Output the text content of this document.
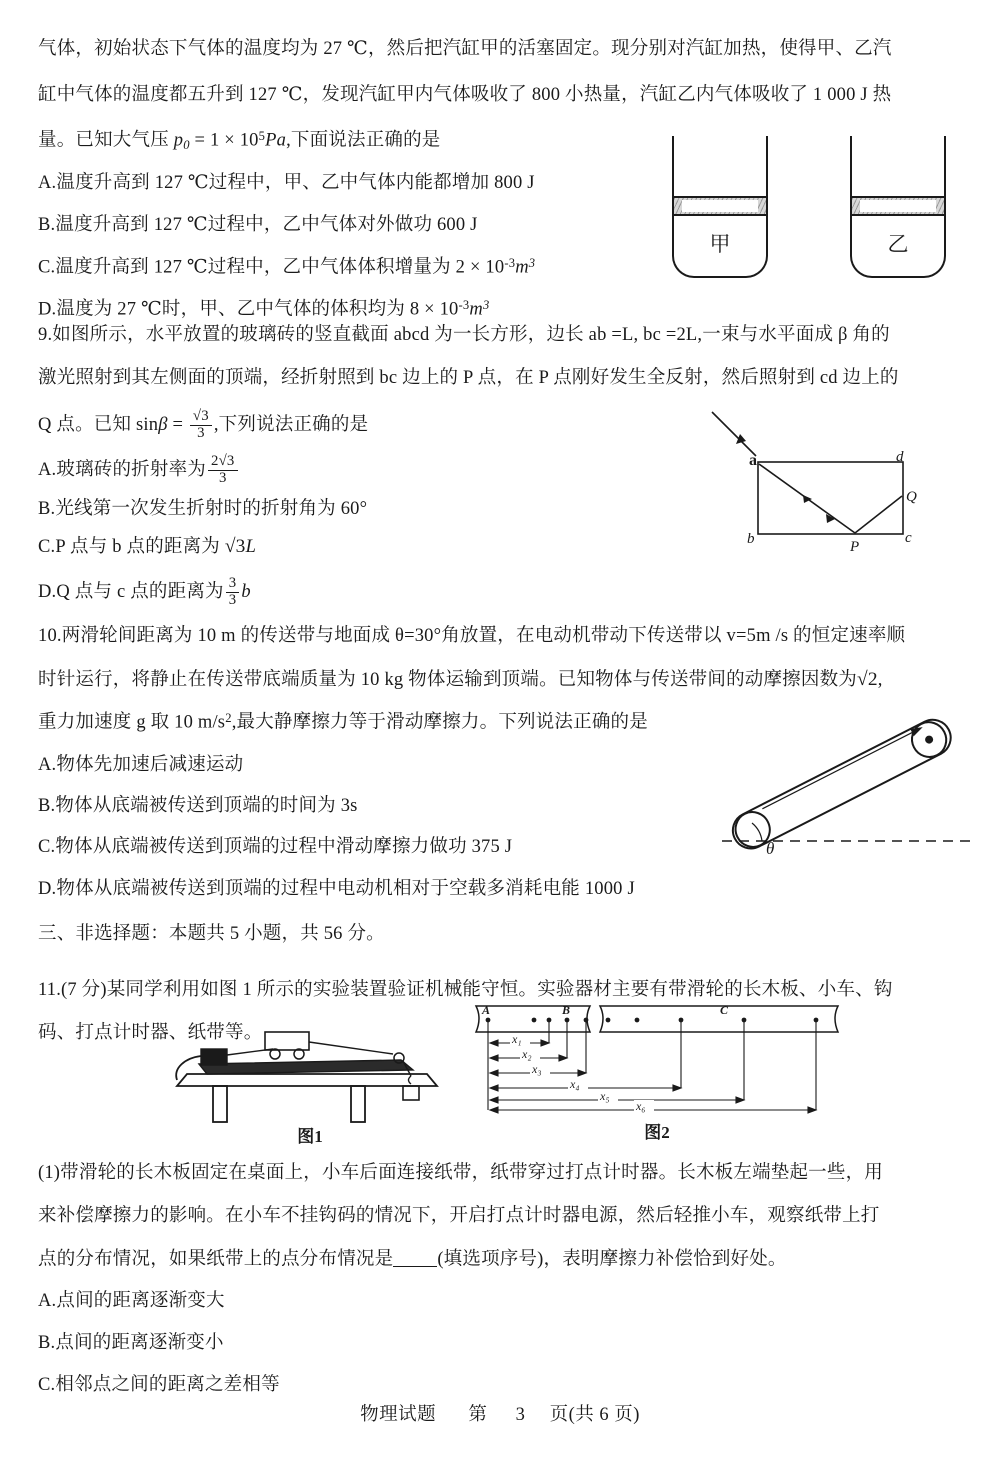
气体，初始状态下气体的温度均为 27 ℃，然后把汽缸甲的活塞固定。现分别对汽缸加热，使得甲、乙汽
缸中气体的温度都五升到 127 ℃，发现汽缸甲内气体吸收了 800 小热量，汽缸乙内气体吸收了 1 000 J 热
量。已知大气压 $p_0 = 1 \times 10^5Pa$,下面说法正确的是
A.温度升高到 127 ℃过程中，甲、乙中气体内能都增加 800 J
B.温度升高到 127 ℃过程中，乙中气体对外做功 600 J
C.温度升高到 127 ℃过程中，乙中气体体积增量为 $2 \times 10^{-3}m^3$
D.温度为 27 ℃时，甲、乙中气体的体积均为 $8 \times 10^{-3}m^3$
甲	乙
9.如图所示，水平放置的玻璃砖的竖直截面 abcd 为一长方形，边长 ab =L, bc =2L,一束与水平面成 β 角的
激光照射到其左侧面的顶端，经折射照到 bc 边上的 P 点，在 P 点刚好发生全反射，然后照射到 cd 边上的
Q 点。已知 $\sin\beta = \frac{√3}{3}$ ,下列说法正确的是
A.玻璃砖的折射率为 $\frac{2√3}{3}$
B.光线第一次发生折射时的折射角为 60°
C.P 点与 b 点的距离为 √3L
D.Q 点与 c 点的距离为 $\frac{3}{3}$ b
a	d
b	c
P
Q
10.两滑轮间距离为 10 m 的传送带与地面成 θ=30°角放置，在电动机带动下传送带以 v=5m /s 的恒定速率顺
时针运行，将静止在传送带底端质量为 10 kg 物体运输到顶端。已知物体与传送带间的动摩擦因数为√2,
重力加速度 g 取 10 $m/s^2$,最大静摩擦力等于滑动摩擦力。下列说法正确的是
A.物体先加速后减速运动
B.物体从底端被传送到顶端的时间为 3s
C.物体从底端被传送到顶端的过程中滑动摩擦力做功 375 J
D.物体从底端被传送到顶端的过程中电动机相对于空载多消耗电能 1000 J
θ
三、非选择题：本题共 5 小题，共 56 分。
11.(7 分)某同学利用如图 1 所示的实验装置验证机械能守恒。实验器材主要有带滑轮的长木板、小车、钩
码、打点计时器、纸带等。
图1
A	B	C
x₁
x₂
x₃
x₄
x₅
x₆
图2
(1)带滑轮的长木板固定在桌面上，小车后面连接纸带，纸带穿过打点计时器。长木板左端垫起一些，用
来补偿摩擦力的影响。在小车不挂钩码的情况下，开启打点计时器电源，然后轻推小车，观察纸带上打
点的分布情况，如果纸带上的点分布情况是 (填选项序号)，表明摩擦力补偿恰到好处。
A.点间的距离逐渐变大
B.点间的距离逐渐变小
C.相邻点之间的距离之差相等
物理试题 第 3 页(共 6 页)
